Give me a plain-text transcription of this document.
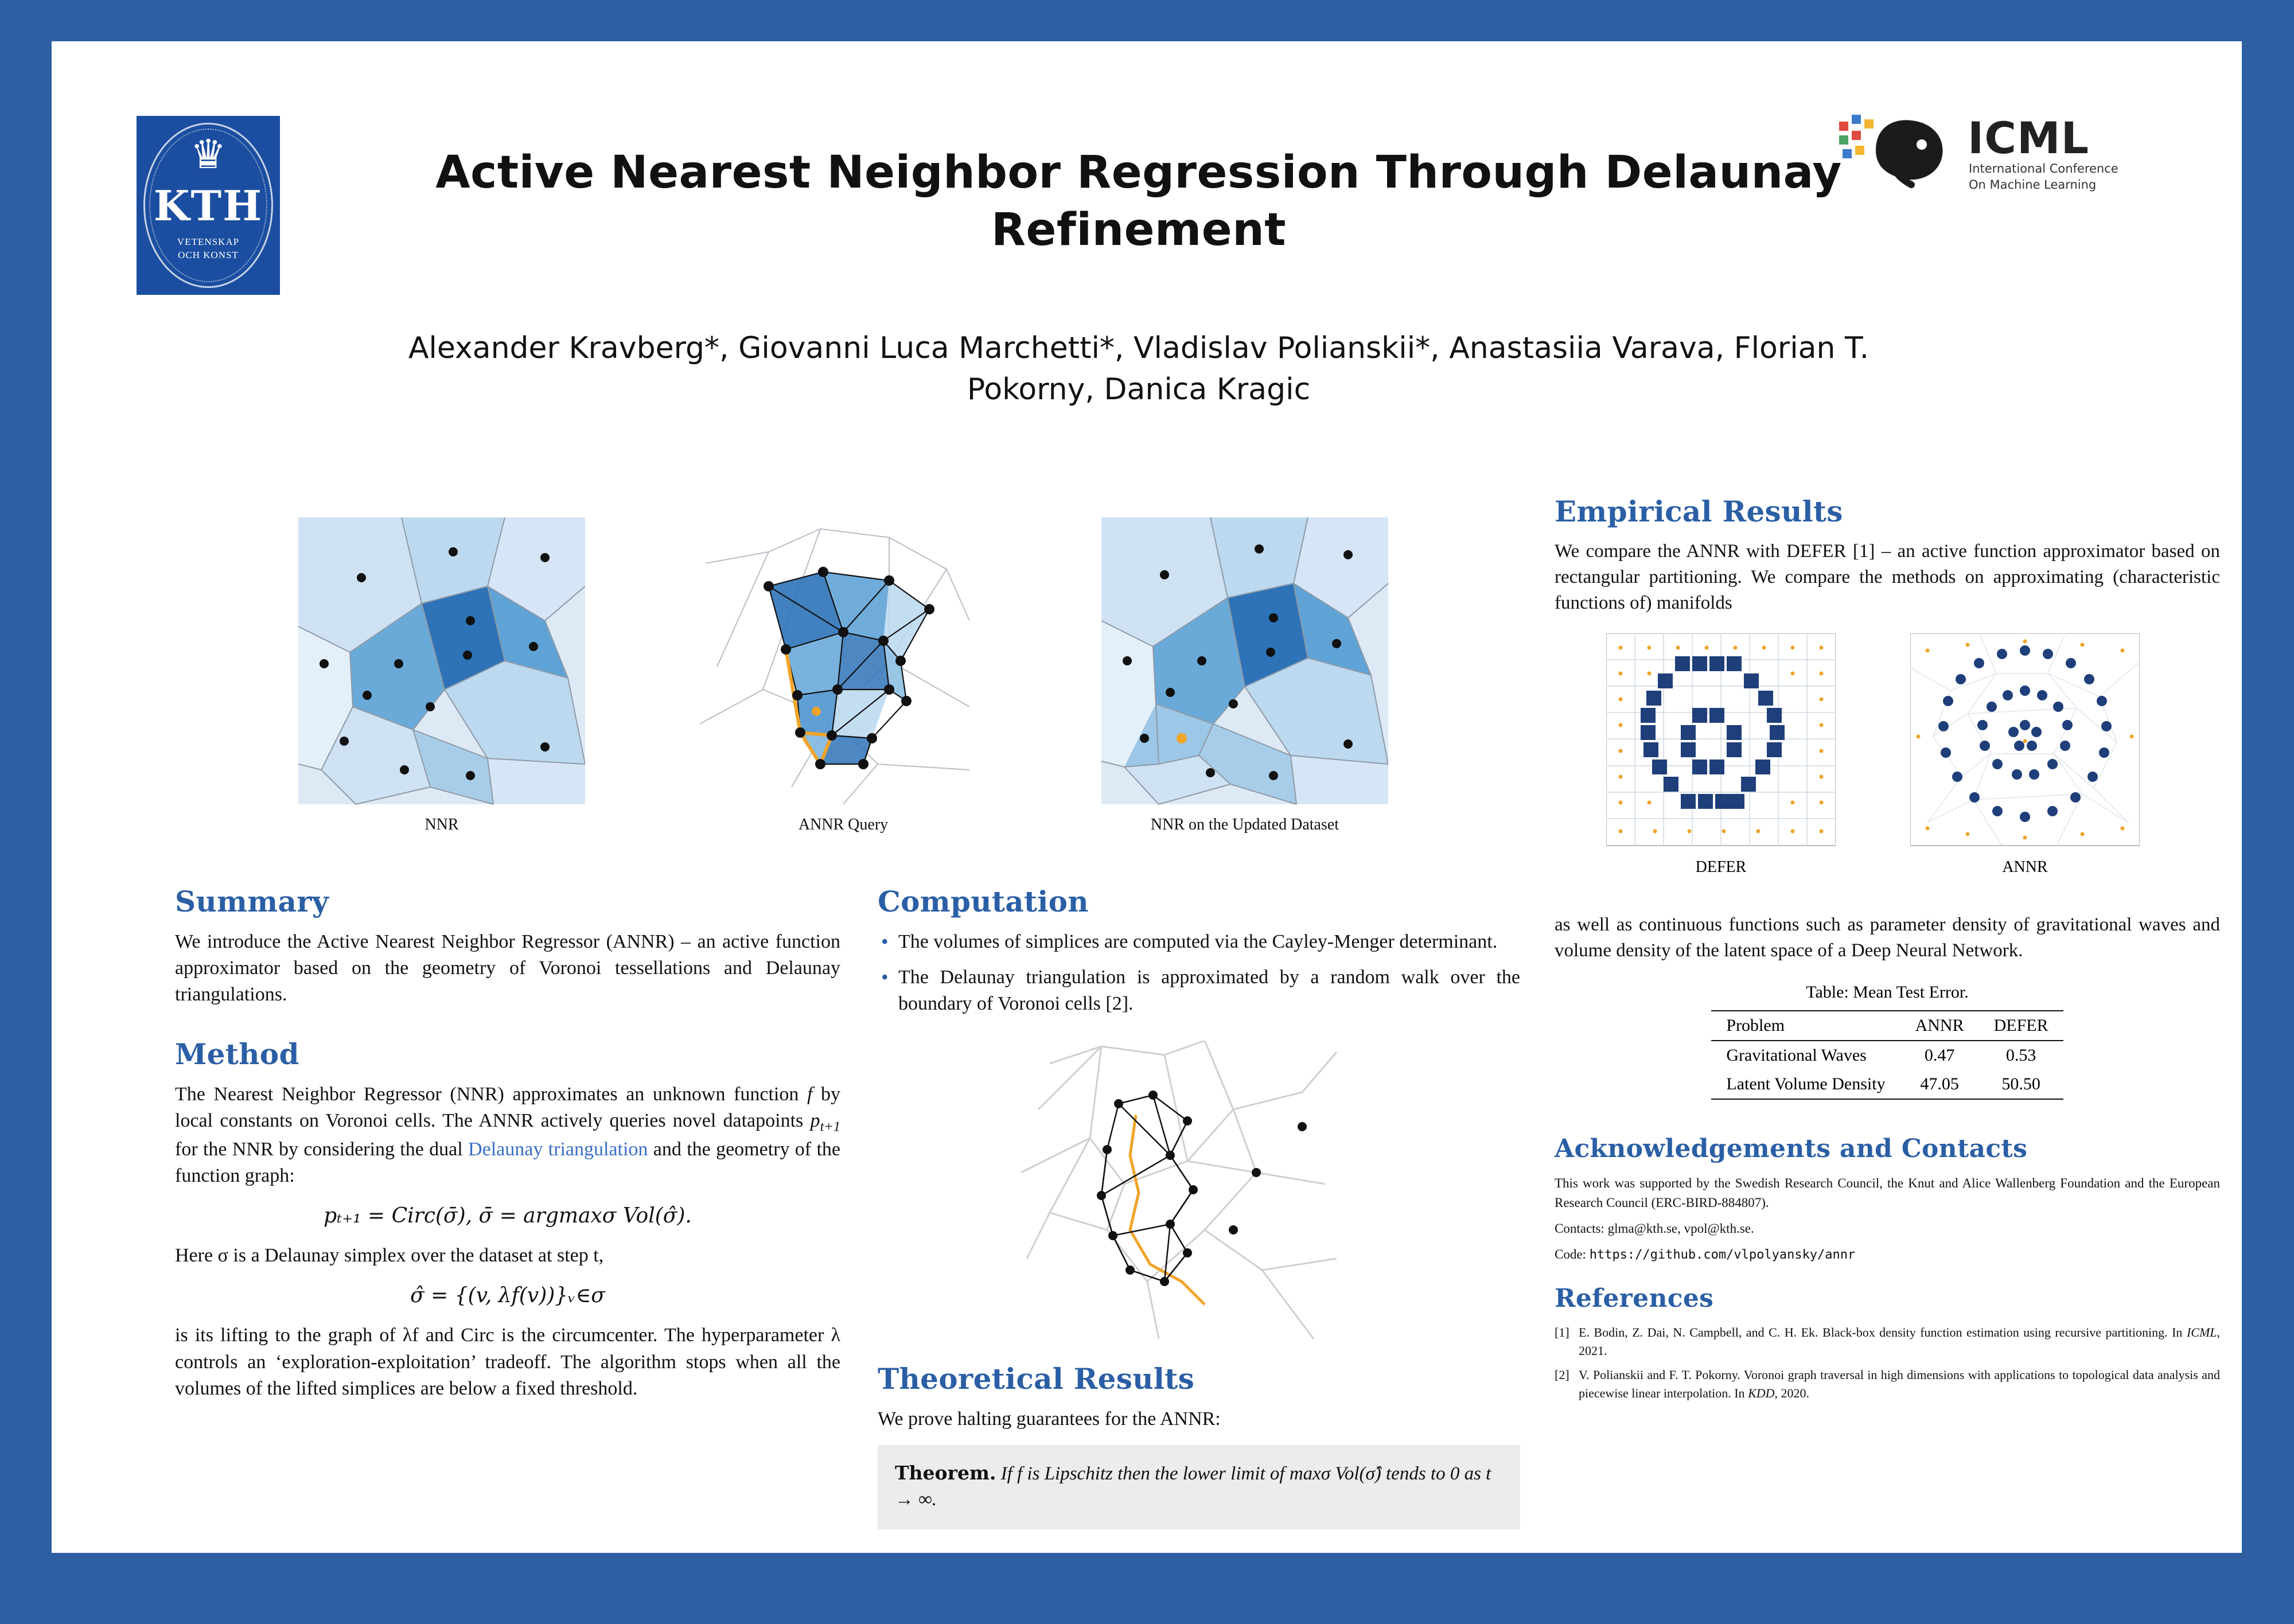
♛
KTH
VETENSKAP
OCH KONST
ICML
International Conference
On Machine Learning
Active Nearest Neighbor Regression Through Delaunay Refinement
Alexander Kravberg*, Giovanni Luca Marchetti*, Vladislav Polianskii*, Anastasiia Varava, Florian T. Pokorny, Danica Kragic
NNR	ANNR Query	NNR on the Updated Dataset
Summary

We introduce the Active Nearest Neighbor Regressor (ANNR) – an active function approximator based on the geometry of Voronoi tessellations and Delaunay triangulations.

Method

The Nearest Neighbor Regressor (NNR) approximates an unknown function f by local constants on Voronoi cells. The ANNR actively queries novel datapoints $p_{t+1}$ for the NNR by considering the dual Delaunay triangulation and the geometry of the function graph:

pₜ₊₁ = Circ(σ̄), σ̄ = argmaxσ Vol(σ̂).

Here σ is a Delaunay simplex over the dataset at step t,

σ̂ = {(v, λf(v))}ᵥ∈σ

is its lifting to the graph of λf and Circ is the circumcenter. The hyperparameter λ controls an ‘exploration-exploitation’ tradeoff. The algorithm stops when all the volumes of the lifted simplices are below a fixed threshold.

Computation
• The volumes of simplices are computed via the Cayley-Menger determinant.
• The Delaunay triangulation is approximated by a random walk over the boundary of Voronoi cells [2].
Theoretical Results

We prove halting guarantees for the ANNR:

Theorem. If f is Lipschitz then the lower limit of maxσ Vol(σ̂) tends to 0 as t → ∞.
Empirical Results

We compare the ANNR with DEFER [1] – an active function approximator based on rectangular partitioning. We compare the methods on approximating (characteristic functions of) manifolds

DEFER	ANNR

as well as continuous functions such as parameter density of gravitational waves and volume density of the latent space of a Deep Neural Network.

Table: Mean Test Error.

Problem	ANNR	DEFER
Gravitational Waves	0.47	0.53
Latent Volume Density	47.05	50.50
Acknowledgements and Contacts

This work was supported by the Swedish Research Council, the Knut and Alice Wallenberg Foundation and the European Research Council (ERC-BIRD-884807).

Contacts: glma@kth.se, vpol@kth.se.

Code: https://github.com/vlpolyansky/annr

References
[1] E. Bodin, Z. Dai, N. Campbell, and C. H. Ek. Black-box density function estimation using recursive partitioning. In ICML, 2021.
[2] V. Polianskii and F. T. Pokorny. Voronoi graph traversal in high dimensions with applications to topological data analysis and piecewise linear interpolation. In KDD, 2020.
